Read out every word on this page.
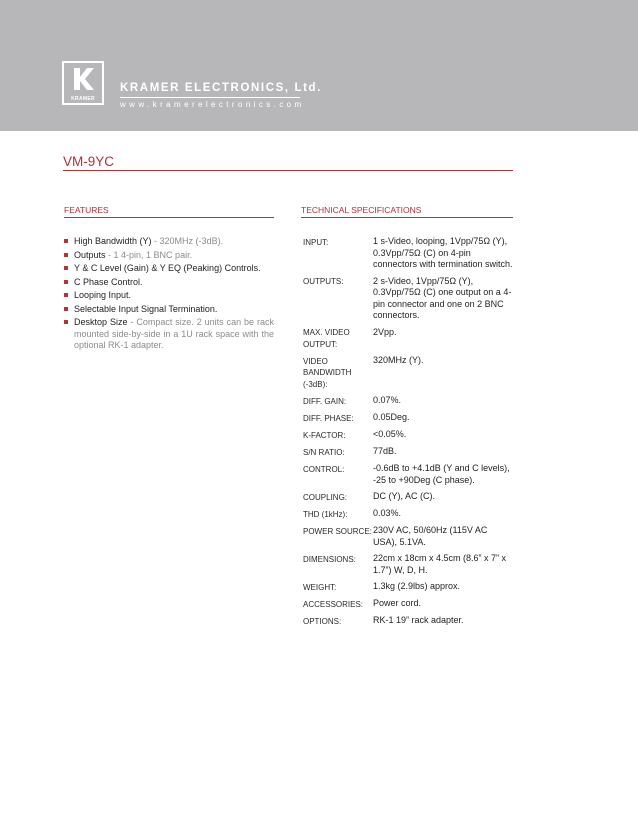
KRAMER
KRAMER ELECTRONICS, Ltd.
www.kramerelectronics.com
VM-9YC
FEATURES	TECHNICAL SPECIFICATIONS
High Bandwidth (Y) - 320MHz (-3dB).
Outputs - 1 4-pin, 1 BNC pair.
Y & C Level (Gain) & Y EQ (Peaking) Controls.
C Phase Control.
Looping Input.
Selectable Input Signal Termination.
Desktop Size - Compact size. 2 units can be rack mounted side-by-side in a 1U rack space with the optional RK-1 adapter.
INPUT:	1 s-Video, looping, 1Vpp/75Ω (Y), 0.3Vpp/75Ω (C) on 4-pin connectors with termination switch.
OUTPUTS:	2 s-Video, 1Vpp/75Ω (Y), 0.3Vpp/75Ω (C) one output on a 4-pin connector and one on 2 BNC connectors.
MAX. VIDEO OUTPUT:	2Vpp.
VIDEO BANDWIDTH (-3dB):	320MHz (Y).
DIFF. GAIN:	0.07%.
DIFF. PHASE:	0.05Deg.
K-FACTOR:	<0.05%.
S/N RATIO:	77dB.
CONTROL:	-0.6dB to +4.1dB (Y and C levels), -25 to +90Deg (C phase).
COUPLING:	DC (Y), AC (C).
THD (1kHz):	0.03%.
POWER SOURCE:	230V AC, 50/60Hz (115V AC USA), 5.1VA.
DIMENSIONS:	22cm x 18cm x 4.5cm (8.6” x 7” x 1.7”) W, D, H.
WEIGHT:	1.3kg (2.9lbs) approx.
ACCESSORIES:	Power cord.
OPTIONS:	RK-1 19” rack adapter.
